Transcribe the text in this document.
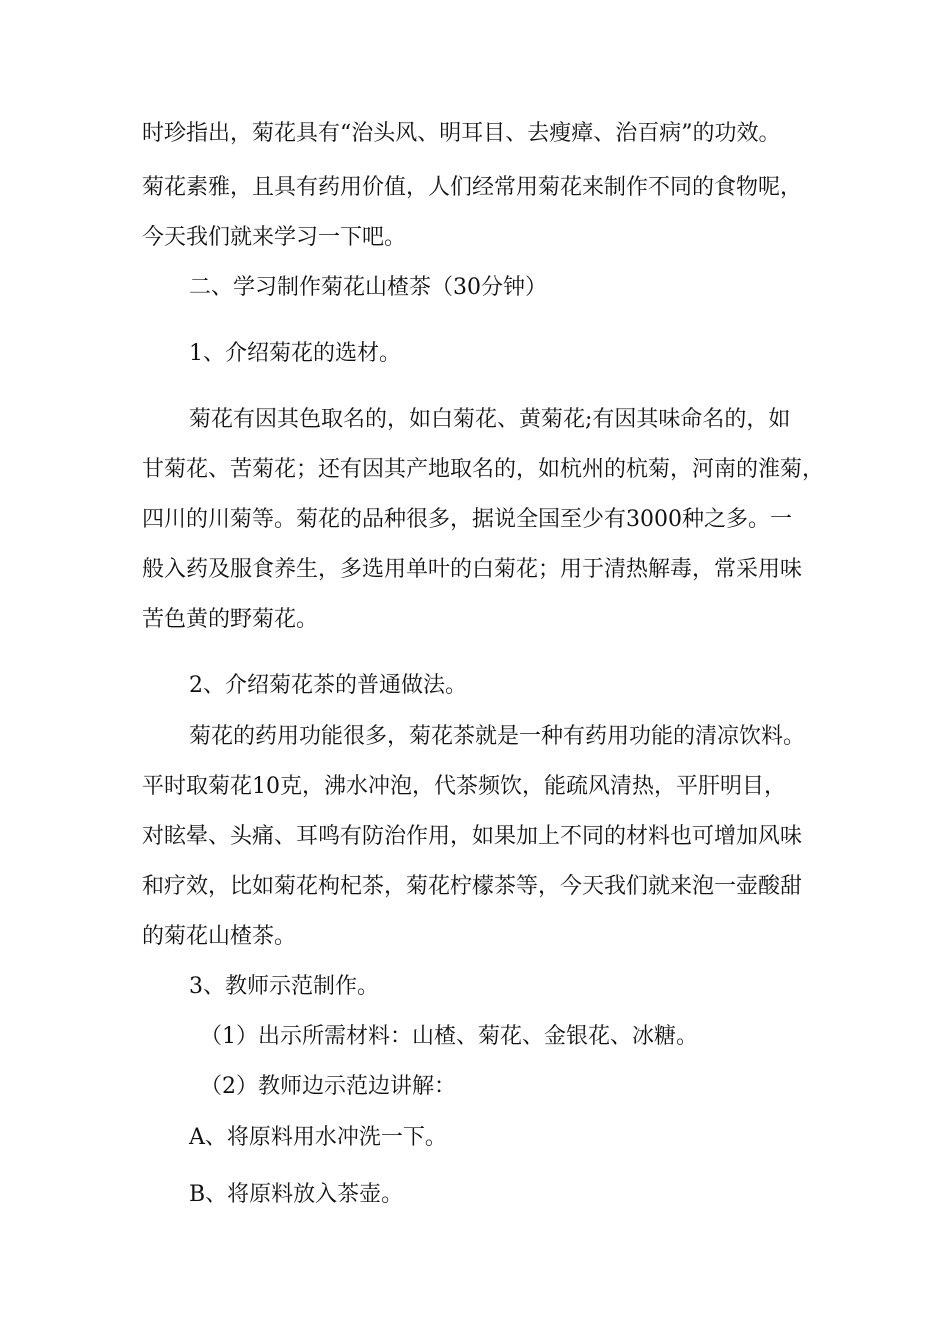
时珍指出，菊花具有“治头风、明耳目、去瘦瘴、治百病”的功效。
菊花素雅，且具有药用价值，人们经常用菊花来制作不同的食物呢，
今天我们就来学习一下吧。
二、学习制作菊花山楂茶（30分钟）
1、介绍菊花的选材。
菊花有因其色取名的，如白菊花、黄菊花;有因其味命名的，如
甘菊花、苦菊花；还有因其产地取名的，如杭州的杭菊，河南的淮菊，
四川的川菊等。菊花的品种很多，据说全国至少有3000种之多。一
般入药及服食养生，多选用单叶的白菊花；用于清热解毒，常采用味
苦色黄的野菊花。
2、介绍菊花茶的普通做法。
菊花的药用功能很多，菊花茶就是一种有药用功能的清凉饮料。
平时取菊花10克，沸水冲泡，代茶频饮，能疏风清热，平肝明目，
对眩晕、头痛、耳鸣有防治作用，如果加上不同的材料也可增加风味
和疗效，比如菊花枸杞茶，菊花柠檬茶等，今天我们就来泡一壶酸甜
的菊花山楂茶。
3、教师示范制作。
（1）出示所需材料：山楂、菊花、金银花、冰糖。
（2）教师边示范边讲解：
A、将原料用水冲洗一下。
B、将原料放入茶壶。
